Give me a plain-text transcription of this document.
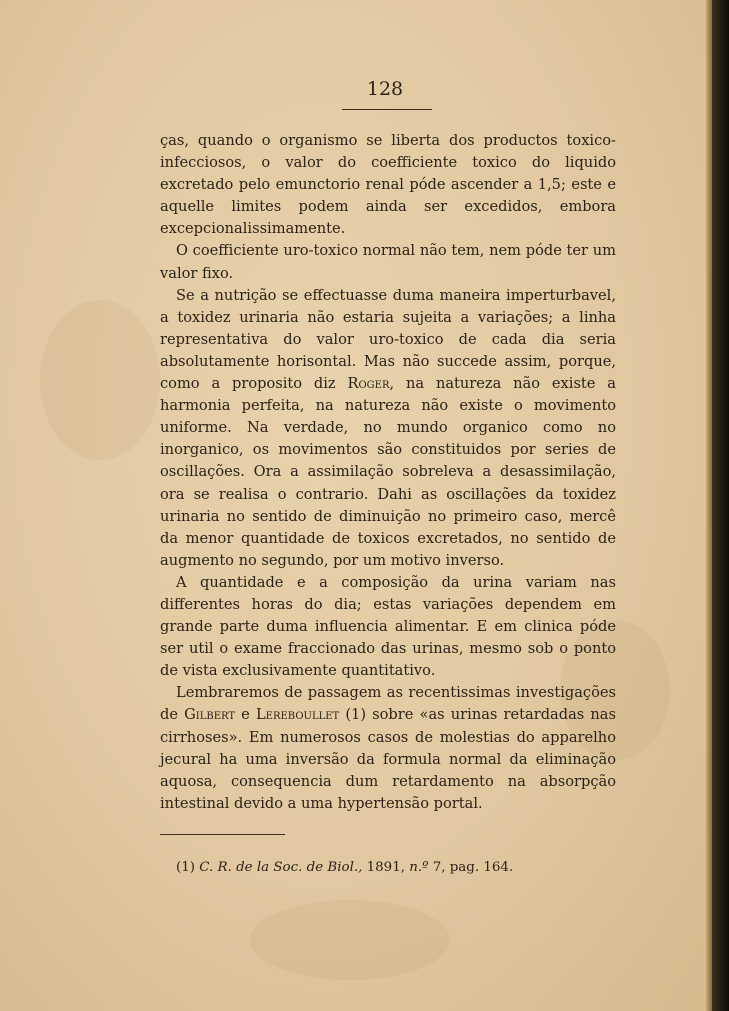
128

ças, quando o organismo se liberta dos productos toxico-infecciosos, o valor do coefficiente toxico do liquido excretado pelo emunctorio renal póde ascender a 1,5; este e aquelle limites podem ainda ser excedidos, embora excepcionalissimamente.

O coefficiente uro-toxico normal não tem, nem póde ter um valor fixo.

Se a nutrição se effectuasse duma maneira imperturbavel, a toxidez urinaria não estaria sujeita a variações; a linha representativa do valor uro-toxico de cada dia seria absolutamente horisontal. Mas não succede assim, porque, como a proposito diz Roger, na natureza não existe a harmonia perfeita, na natureza não existe o movimento uniforme. Na verdade, no mundo organico como no inorganico, os movimentos são constituidos por series de oscillações. Ora a assimilação sobreleva a desassimilação, ora se realisa o contrario. Dahi as oscillações da toxidez urinaria no sentido de diminuição no primeiro caso, mercê da menor quantidade de toxicos excretados, no sentido de augmento no segundo, por um motivo inverso.

A quantidade e a composição da urina variam nas differentes horas do dia; estas variações dependem em grande parte duma influencia alimentar. E em clinica póde ser util o exame fraccionado das urinas, mesmo sob o ponto de vista exclusivamente quantitativo.

Lembraremos de passagem as recentissimas investigações de Gilbert e Lereboullet (1) sobre «as urinas retardadas nas cirrhoses». Em numerosos casos de molestias do apparelho jecural ha uma inversão da formula normal da eliminação aquosa, consequencia dum retardamento na absorpção intestinal devido a uma hypertensão portal.

(1) C. R. de la Soc. de Biol., 1891, n.º 7, pag. 164.
